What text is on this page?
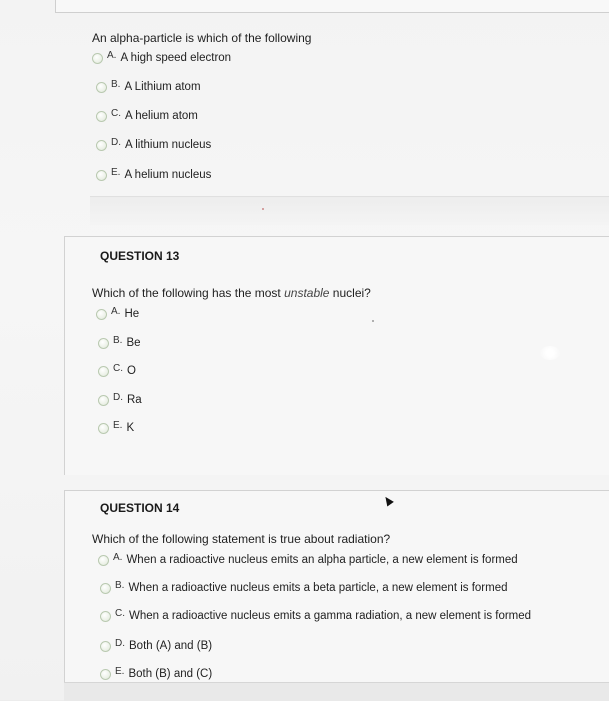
An alpha-particle is which of the following
A. A high speed electron
B. A Lithium atom
C. A helium atom
D. A lithium nucleus
E. A helium nucleus
QUESTION 13
Which of the following has the most unstable nuclei?
A. He
B. Be
C. O
D. Ra
E. K
QUESTION 14
Which of the following statement is true about radiation?
A. When a radioactive nucleus emits an alpha particle, a new element is formed
B. When a radioactive nucleus emits a beta particle, a new element is formed
C. When a radioactive nucleus emits a gamma radiation, a new element is formed
D. Both (A) and (B)
E. Both (B) and (C)
